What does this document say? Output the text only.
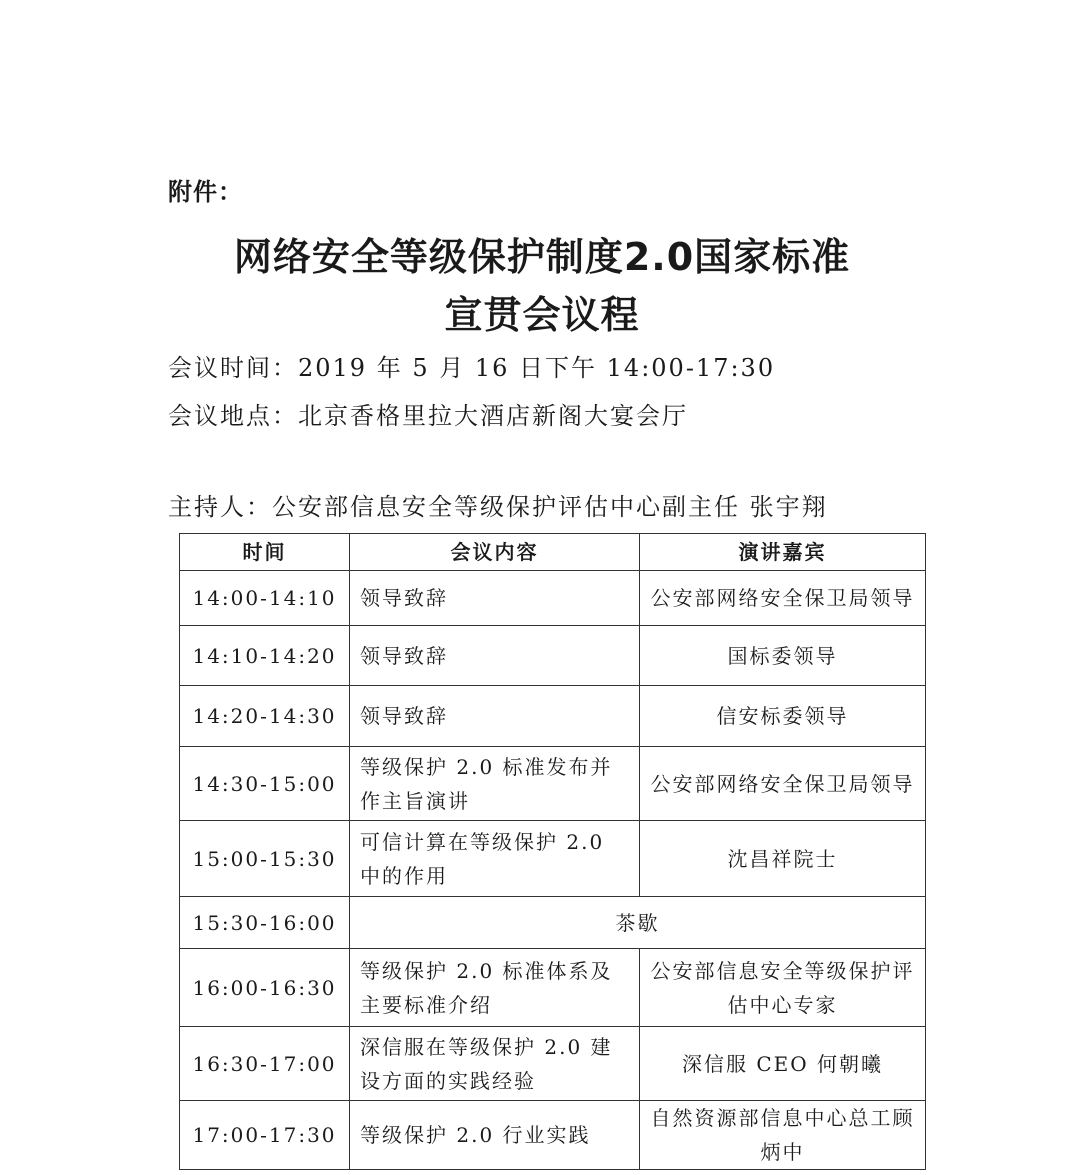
附件：
网络安全等级保护制度2.0国家标准
宣贯会议程
会议时间：2019 年 5 月 16 日下午 14:00-17:30
会议地点：北京香格里拉大酒店新阁大宴会厅
主持人：公安部信息安全等级保护评估中心副主任 张宇翔
时间	会议内容	演讲嘉宾
14:00-14:10	领导致辞	公安部网络安全保卫局领导
14:10-14:20	领导致辞	国标委领导
14:20-14:30	领导致辞	信安标委领导
14:30-15:00	等级保护 2.0 标准发布并作主旨演讲	公安部网络安全保卫局领导
15:00-15:30	可信计算在等级保护 2.0 中的作用	沈昌祥院士
15:30-16:00	茶歇	
16:00-16:30	等级保护 2.0 标准体系及主要标准介绍	公安部信息安全等级保护评估中心专家
16:30-17:00	深信服在等级保护 2.0 建设方面的实践经验	深信服 CEO 何朝曦
17:00-17:30	等级保护 2.0 行业实践	自然资源部信息中心总工顾炳中
